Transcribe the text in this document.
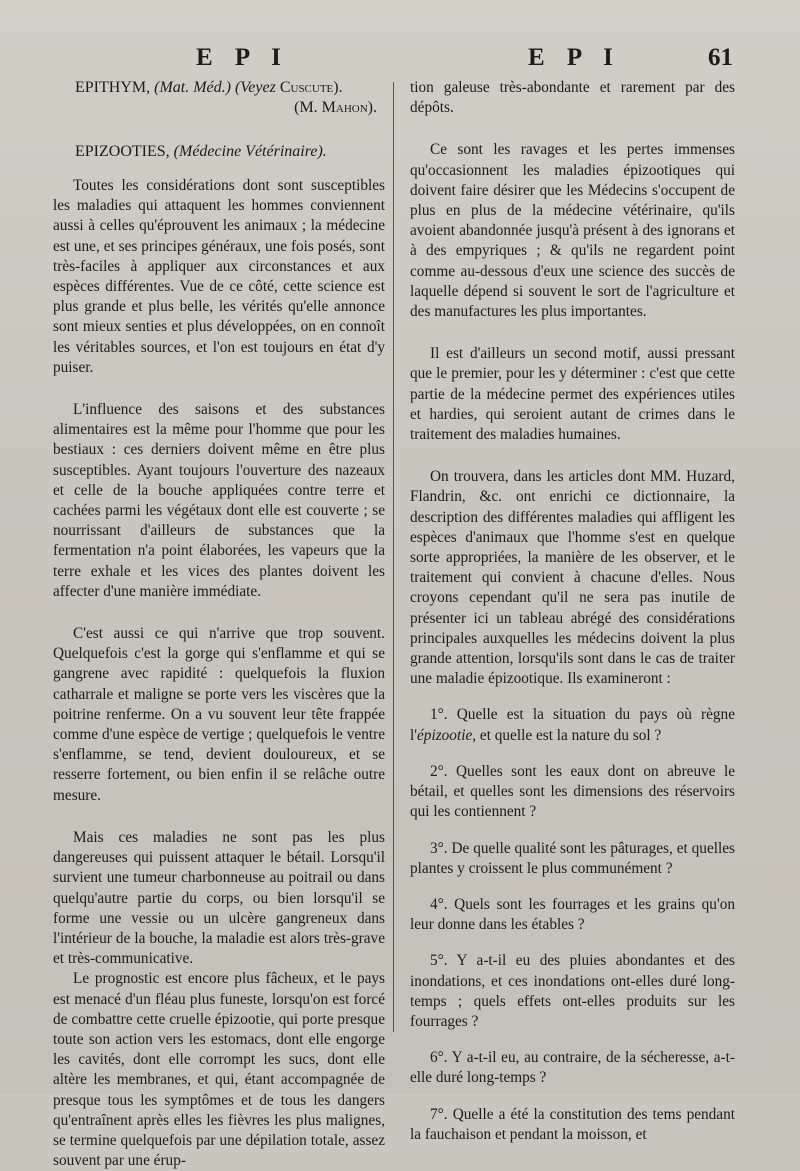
E P I	E P I	61

EPITHYM, (Mat. Méd.) (Veyez Cuscute).

(M. Mahon).

EPIZOOTIES, (Médecine Vétérinaire).

Toutes les considérations dont sont susceptibles les maladies qui attaquent les hommes conviennent aussi à celles qu'éprouvent les animaux ; la médecine est une, et ses principes généraux, une fois posés, sont très-faciles à appliquer aux circonstances et aux espèces différentes. Vue de ce côté, cette science est plus grande et plus belle, les vérités qu'elle annonce sont mieux senties et plus développées, on en connoît les véritables sources, et l'on est toujours en état d'y puiser.

L'influence des saisons et des substances alimentaires est la même pour l'homme que pour les bestiaux : ces derniers doivent même en être plus susceptibles. Ayant toujours l'ouverture des nazeaux et celle de la bouche appliquées contre terre et cachées parmi les végétaux dont elle est couverte ; se nourrissant d'ailleurs de substances que la fermentation n'a point élaborées, les vapeurs que la terre exhale et les vices des plantes doivent les affecter d'une manière immédiate.

C'est aussi ce qui n'arrive que trop souvent. Quelquefois c'est la gorge qui s'enflamme et qui se gangrene avec rapidité : quelquefois la fluxion catharrale et maligne se porte vers les viscères que la poitrine renferme. On a vu souvent leur tête frappée comme d'une espèce de vertige ; quelquefois le ventre s'enflamme, se tend, devient douloureux, et se resserre fortement, ou bien enfin il se relâche outre mesure.

Mais ces maladies ne sont pas les plus dangereuses qui puissent attaquer le bétail. Lorsqu'il survient une tumeur charbonneuse au poitrail ou dans quelqu'autre partie du corps, ou bien lorsqu'il se forme une vessie ou un ulcère gangreneux dans l'intérieur de la bouche, la maladie est alors très-grave et très-communicative.

Le prognostic est encore plus fâcheux, et le pays est menacé d'un fléau plus funeste, lorsqu'on est forcé de combattre cette cruelle épizootie, qui porte presque toute son action vers les estomacs, dont elle engorge les cavités, dont elle corrompt les sucs, dont elle altère les membranes, et qui, étant accompagnée de presque tous les symptômes et de tous les dangers qu'entraînent après elles les fièvres les plus malignes, se termine quelquefois par une dépilation totale, assez souvent par une érup-

tion galeuse très-abondante et rarement par des dépôts.

Ce sont les ravages et les pertes immenses qu'occasionnent les maladies épizootiques qui doivent faire désirer que les Médecins s'occupent de plus en plus de la médecine vétérinaire, qu'ils avoient abandonnée jusqu'à présent à des ignorans et à des empyriques ; & qu'ils ne regardent point comme au-dessous d'eux une science des succès de laquelle dépend si souvent le sort de l'agriculture et des manufactures les plus importantes.

Il est d'ailleurs un second motif, aussi pressant que le premier, pour les y déterminer : c'est que cette partie de la médecine permet des expériences utiles et hardies, qui seroient autant de crimes dans le traitement des maladies humaines.

On trouvera, dans les articles dont MM. Huzard, Flandrin, &c. ont enrichi ce dictionnaire, la description des différentes maladies qui affligent les espèces d'animaux que l'homme s'est en quelque sorte appropriées, la manière de les observer, et le traitement qui convient à chacune d'elles. Nous croyons cependant qu'il ne sera pas inutile de présenter ici un tableau abrégé des considérations principales auxquelles les médecins doivent la plus grande attention, lorsqu'ils sont dans le cas de traiter une maladie épizootique. Ils examineront :

1°. Quelle est la situation du pays où règne l'épizootie, et quelle est la nature du sol ?

2°. Quelles sont les eaux dont on abreuve le bétail, et quelles sont les dimensions des réservoirs qui les contiennent ?

3°. De quelle qualité sont les pâturages, et quelles plantes y croissent le plus communément ?

4°. Quels sont les fourrages et les grains qu'on leur donne dans les étables ?

5°. Y a-t-il eu des pluies abondantes et des inondations, et ces inondations ont-elles duré long-temps ; quels effets ont-elles produits sur les fourrages ?

6°. Y a-t-il eu, au contraire, de la sécheresse, a-t-elle duré long-temps ?

7°. Quelle a été la constitution des tems pendant la fauchaison et pendant la moisson, et
